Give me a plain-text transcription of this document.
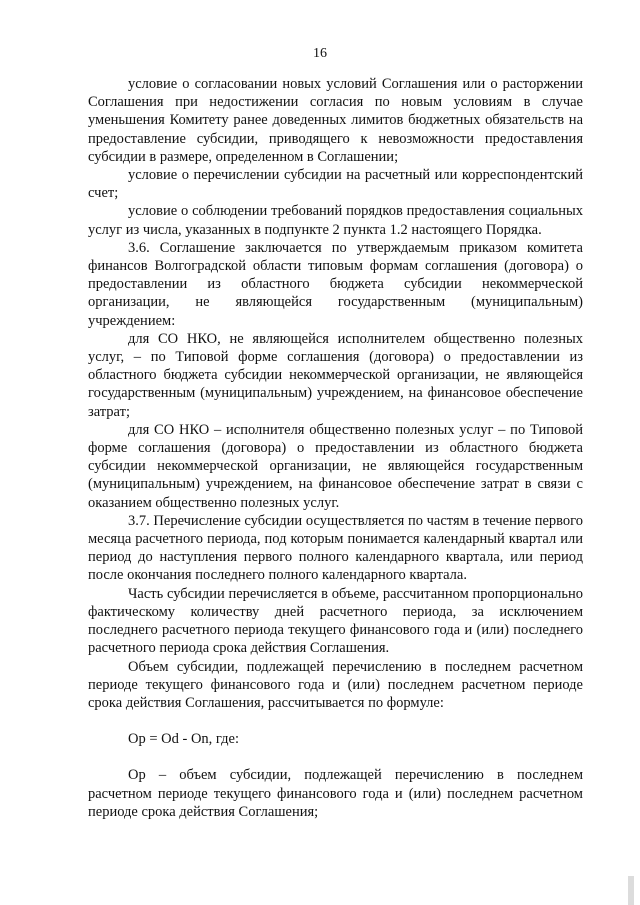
16

условие о согласовании новых условий Соглашения или о расторжении Соглашения при недостижении согласия по новым условиям в случае уменьшения Комитету ранее доведенных лимитов бюджетных обязательств на предоставление субсидии, приводящего к невозможности предоставления субсидии в размере, определенном в Соглашении;

условие о перечислении субсидии на расчетный или корреспондентский счет;

условие о соблюдении требований порядков предоставления социальных услуг из числа, указанных в подпункте 2 пункта 1.2 настоящего Порядка.

3.6. Соглашение заключается по утверждаемым приказом комитета финансов Волгоградской области типовым формам соглашения (договора) о предоставлении из областного бюджета субсидии некоммерческой организации, не являющейся государственным (муниципальным) учреждением:

для СО НКО, не являющейся исполнителем общественно полезных услуг, – по Типовой форме соглашения (договора) о предоставлении из областного бюджета субсидии некоммерческой организации, не являющейся государственным (муниципальным) учреждением, на финансовое обеспечение затрат;

для СО НКО – исполнителя общественно полезных услуг – по Типовой форме соглашения (договора) о предоставлении из областного бюджета субсидии некоммерческой организации, не являющейся государственным (муниципальным) учреждением, на финансовое обеспечение затрат в связи с оказанием общественно полезных услуг.

3.7. Перечисление субсидии осуществляется по частям в течение первого месяца расчетного периода, под которым понимается календарный квартал или период до наступления первого полного календарного квартала, или период после окончания последнего полного календарного квартала.

Часть субсидии перечисляется в объеме, рассчитанном пропорционально фактическому количеству дней расчетного периода, за исключением последнего расчетного периода текущего финансового года и (или) последнего расчетного периода срока действия Соглашения.

Объем субсидии, подлежащей перечислению в последнем расчетном периоде текущего финансового года и (или) последнем расчетном периоде срока действия Соглашения, рассчитывается по формуле:

Op = Od - On, где:

Op – объем субсидии, подлежащей перечислению в последнем расчетном периоде текущего финансового года и (или) последнем расчетном периоде срока действия Соглашения;
